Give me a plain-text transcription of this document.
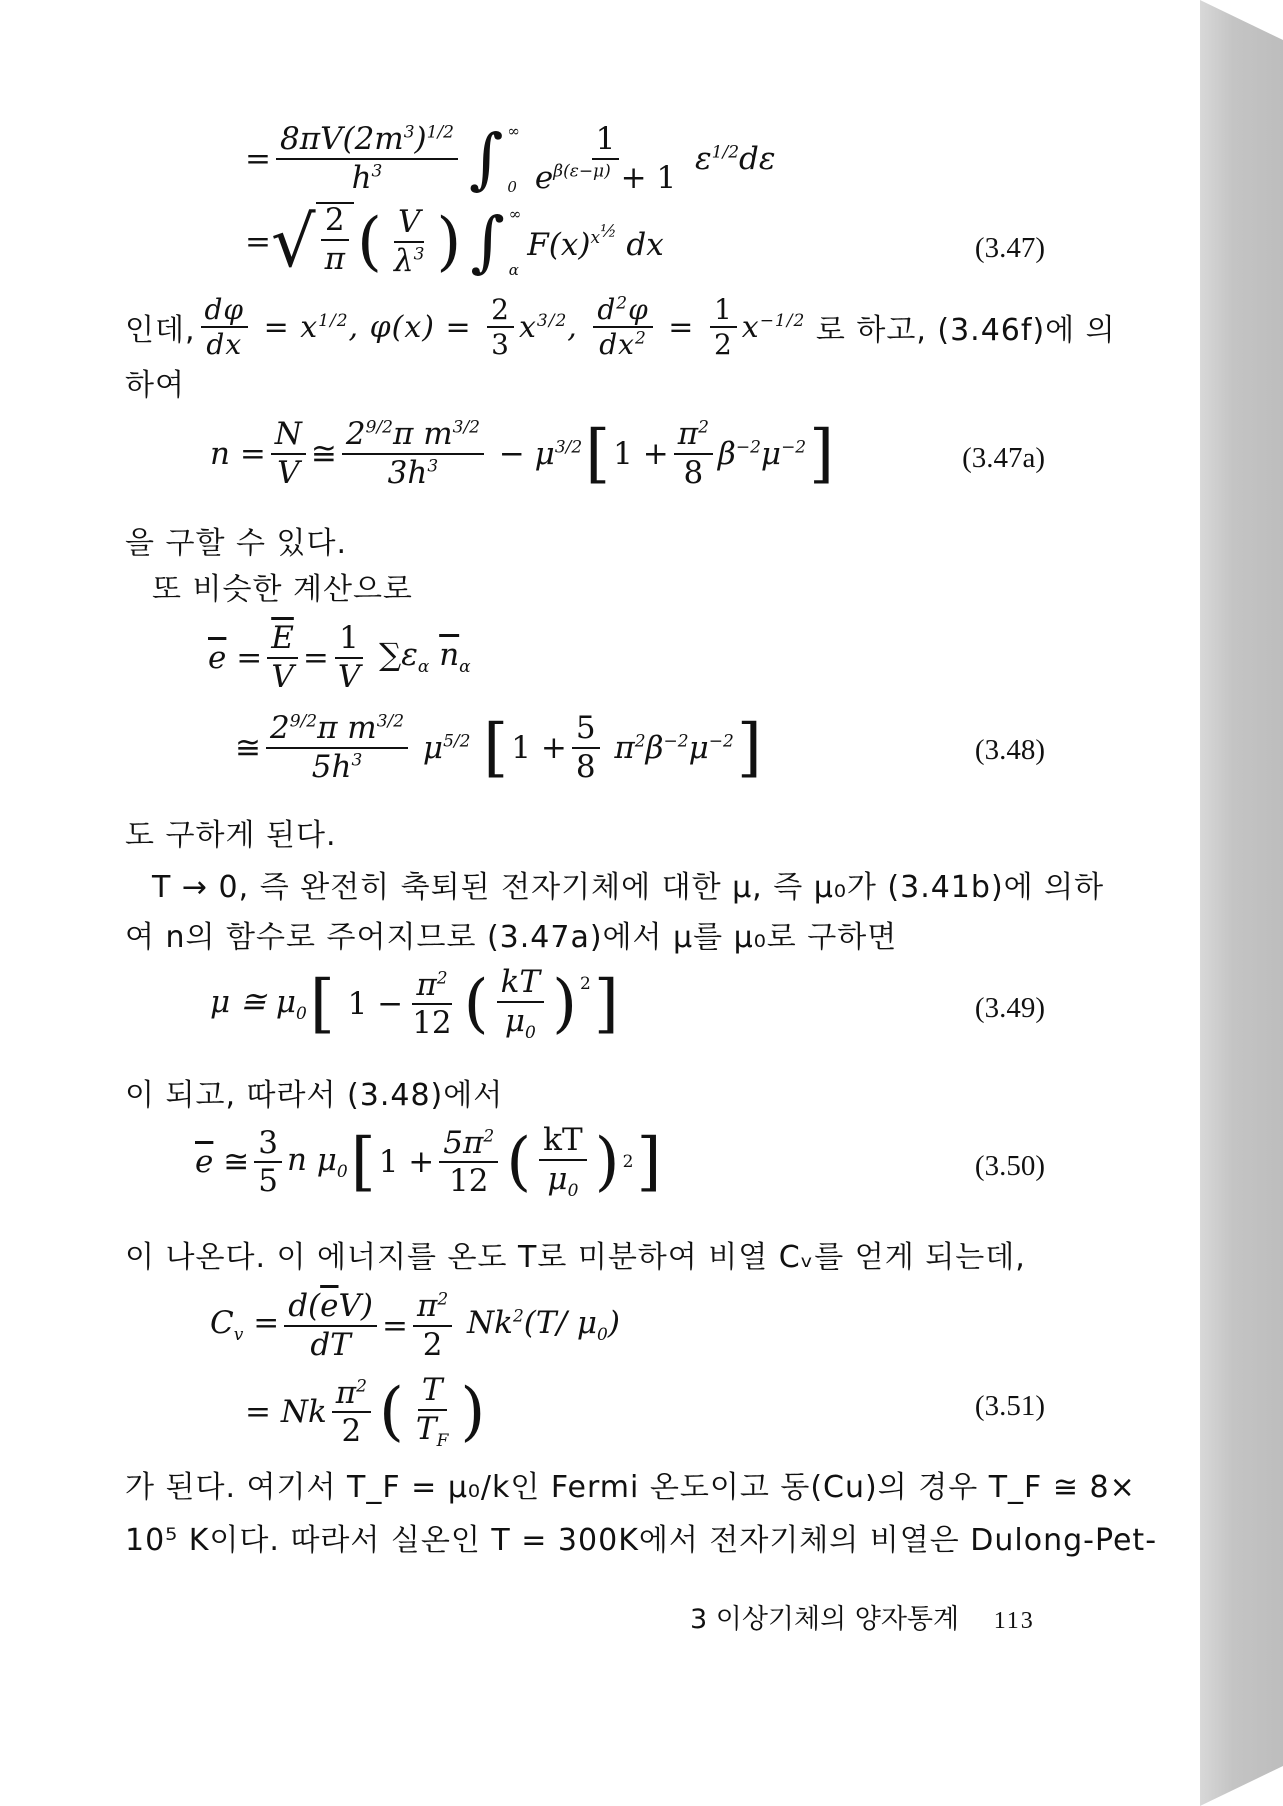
= $\frac{8\pi V(2m^3)^{1/2}}{h^3}$ ∫ ∞
$0 \frac{1}{e^{\beta(\varepsilon-\mu)} + 1} \varepsilon^{1/2}d\varepsilon$
= √ $\frac{2}{\pi}$ ( $\frac{V}{\lambda^3}$ ) ∫ ∞
α
$F(x)^{x^{\frac{1}{2}}}$ dx	(3.47)
인데, $\frac{d\varphi}{dx} = x^{1/2}$, $\varphi(x) = \frac{2}{3} x^{3/2}$, $\frac{d^2\varphi}{dx^2} = \frac{1}{2} x^{-1/2}$ 로 하고, (3.46f)에 의
하여
$n = \frac{N}{V}$ ≅ $\frac{2^{9/2}\pi m^{3/2}}{3h^3} - \mu^{3/2}$ [ $1 + \frac{\pi^2}{8} \beta^{-2}\mu^{-2}$ ]	(3.47a)
을 구할 수 있다.
또 비슷한 계산으로
$\overline{e} = \frac{\overline{E}}{V} = \frac{1}{V} \sum\varepsilon_\alpha$ $\overline{n}_\alpha$
≅ $\frac{2^{9/2}\pi m^{3/2}}{5h^3} \mu^{5/2}$ [ $1 + \frac{5}{8} \pi^2\beta^{-2}\mu^{-2}$ ]	(3.48)
도 구하게 된다.
T → 0, 즉 완전히 축퇴된 전자기체에 대한 μ, 즉 μ₀가 (3.41b)에 의하
여 n의 함수로 주어지므로 (3.47a)에서 μ를 μ₀로 구하면
μ ≅ $\mu_0$ [ $1 - \frac{\pi^2}{12}$ ( $\frac{kT}{\mu_0} )^2$ ]	(3.49)
이 되고, 따라서 (3.48)에서
$\overline{e}$ ≅ $\frac{3}{5}$ n $\mu_0$ [ $1 + \frac{5\pi^2}{12}$ ( $\frac{kT}{\mu_0}$ ) 2 ]	(3.50)
이 나온다. 이 에너지를 온도 T로 미분하여 비열 Cᵥ를 얻게 되는데,
$C_v = \frac{d(\overline{e}V)}{dT} = \frac{\pi^2}{2} Nk^2(T/$ $\mu_0$)
= Nk $\frac{\pi^2}{2}$ ( $\frac{T}{T_F}$ )	(3.51)
가 된다. 여기서 T_F = μ₀/k인 Fermi 온도이고 동(Cu)의 경우 T_F ≅ 8×
10⁵ K이다. 따라서 실온인 T = 300K에서 전자기체의 비열은 Dulong-Pet-
3 이상기체의 양자통계 113
